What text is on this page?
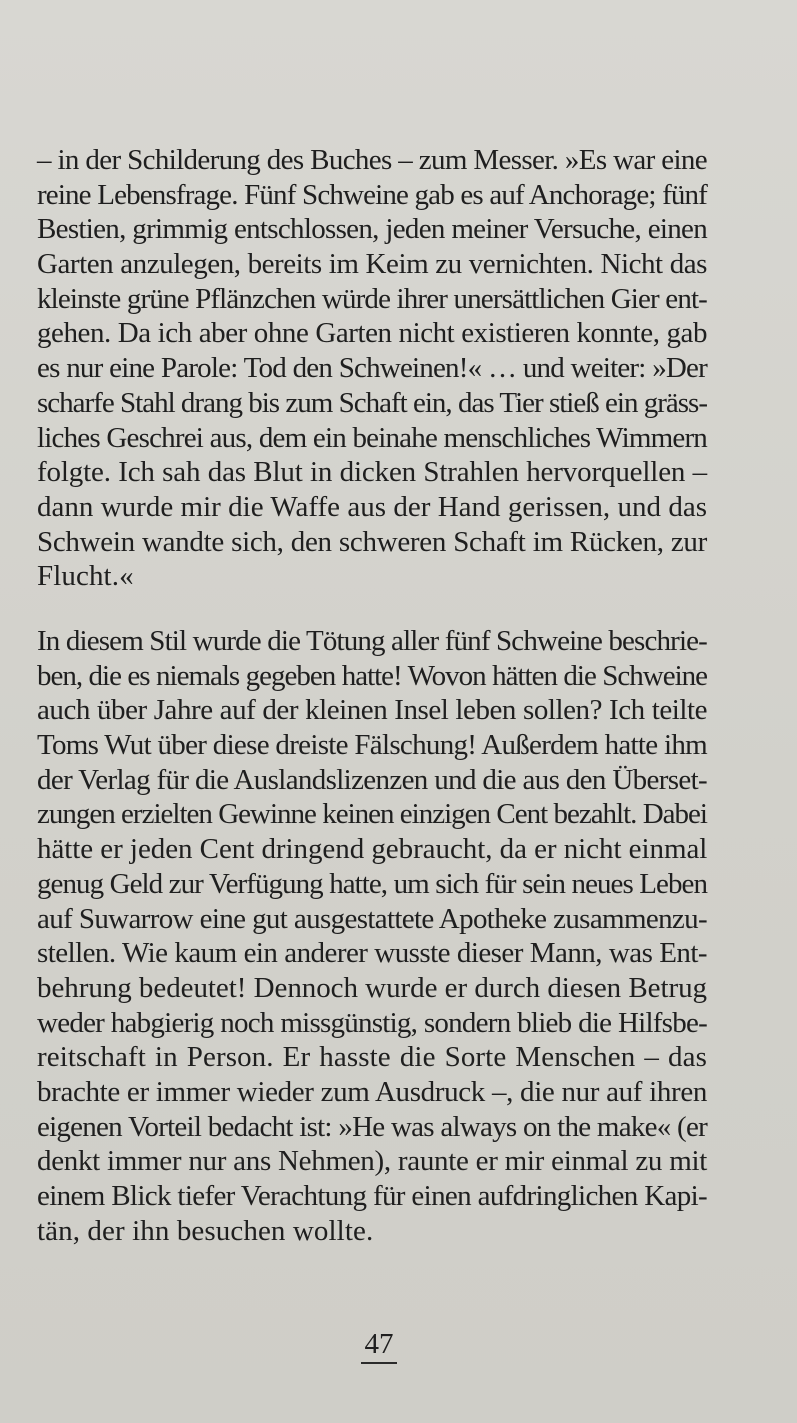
– in der Schilderung des Buches – zum Messer. »Es war eine
reine Lebensfrage. Fünf Schweine gab es auf Anchorage; fünf
Bestien, grimmig entschlossen, jeden meiner Versuche, einen
Garten anzulegen, bereits im Keim zu vernichten. Nicht das
kleinste grüne Pflänzchen würde ihrer unersättlichen Gier ent-
gehen. Da ich aber ohne Garten nicht existieren konnte, gab
es nur eine Parole: Tod den Schweinen!« … und weiter: »Der
scharfe Stahl drang bis zum Schaft ein, das Tier stieß ein gräss-
liches Geschrei aus, dem ein beinahe menschliches Wimmern
folgte. Ich sah das Blut in dicken Strahlen hervorquellen –
dann wurde mir die Waffe aus der Hand gerissen, und das
Schwein wandte sich, den schweren Schaft im Rücken, zur
Flucht.«
In diesem Stil wurde die Tötung aller fünf Schweine beschrie-
ben, die es niemals gegeben hatte! Wovon hätten die Schweine
auch über Jahre auf der kleinen Insel leben sollen? Ich teilte
Toms Wut über diese dreiste Fälschung! Außerdem hatte ihm
der Verlag für die Auslandslizenzen und die aus den Überset-
zungen erzielten Gewinne keinen einzigen Cent bezahlt. Dabei
hätte er jeden Cent dringend gebraucht, da er nicht einmal
genug Geld zur Verfügung hatte, um sich für sein neues Leben
auf Suwarrow eine gut ausgestattete Apotheke zusammenzu-
stellen. Wie kaum ein anderer wusste dieser Mann, was Ent-
behrung bedeutet! Dennoch wurde er durch diesen Betrug
weder habgierig noch missgünstig, sondern blieb die Hilfsbe-
reitschaft in Person. Er hasste die Sorte Menschen – das
brachte er immer wieder zum Ausdruck –, die nur auf ihren
eigenen Vorteil bedacht ist: »He was always on the make« (er
denkt immer nur ans Nehmen), raunte er mir einmal zu mit
einem Blick tiefer Verachtung für einen aufdringlichen Kapi-
tän, der ihn besuchen wollte.
47
